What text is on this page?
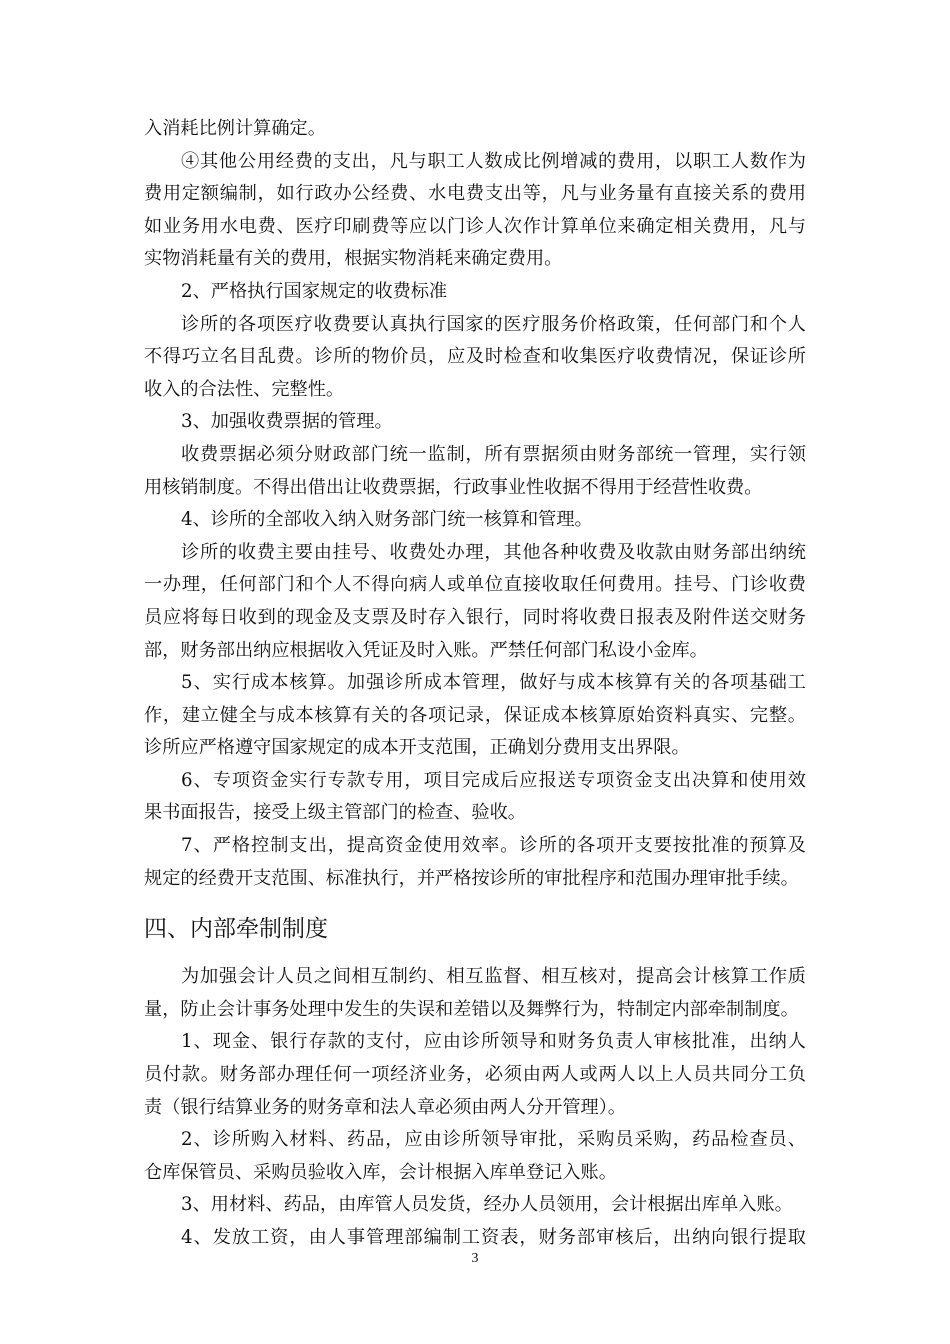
入消耗比例计算确定。
④其他公用经费的支出，凡与职工人数成比例增减的费用，以职工人数作为
费用定额编制，如行政办公经费、水电费支出等，凡与业务量有直接关系的费用
如业务用水电费、医疗印刷费等应以门诊人次作计算单位来确定相关费用，凡与
实物消耗量有关的费用，根据实物消耗来确定费用。
2、严格执行国家规定的收费标准
诊所的各项医疗收费要认真执行国家的医疗服务价格政策，任何部门和个人
不得巧立名目乱费。诊所的物价员，应及时检查和收集医疗收费情况，保证诊所
收入的合法性、完整性。
3、加强收费票据的管理。
收费票据必须分财政部门统一监制，所有票据须由财务部统一管理，实行领
用核销制度。不得出借出让收费票据，行政事业性收据不得用于经营性收费。
4、诊所的全部收入纳入财务部门统一核算和管理。
诊所的收费主要由挂号、收费处办理，其他各种收费及收款由财务部出纳统
一办理，任何部门和个人不得向病人或单位直接收取任何费用。挂号、门诊收费
员应将每日收到的现金及支票及时存入银行，同时将收费日报表及附件送交财务
部，财务部出纳应根据收入凭证及时入账。严禁任何部门私设小金库。
5、实行成本核算。加强诊所成本管理，做好与成本核算有关的各项基础工
作，建立健全与成本核算有关的各项记录，保证成本核算原始资料真实、完整。
诊所应严格遵守国家规定的成本开支范围，正确划分费用支出界限。
6、专项资金实行专款专用，项目完成后应报送专项资金支出决算和使用效
果书面报告，接受上级主管部门的检查、验收。
7、严格控制支出，提高资金使用效率。诊所的各项开支要按批准的预算及
规定的经费开支范围、标准执行，并严格按诊所的审批程序和范围办理审批手续。
四、内部牵制制度
为加强会计人员之间相互制约、相互监督、相互核对，提高会计核算工作质
量，防止会计事务处理中发生的失误和差错以及舞弊行为，特制定内部牵制制度。
1、现金、银行存款的支付，应由诊所领导和财务负责人审核批准，出纳人
员付款。财务部办理任何一项经济业务，必须由两人或两人以上人员共同分工负
责（银行结算业务的财务章和法人章必须由两人分开管理）。
2、诊所购入材料、药品，应由诊所领导审批，采购员采购，药品检查员、
仓库保管员、采购员验收入库，会计根据入库单登记入账。
3、用材料、药品，由库管人员发货，经办人员领用，会计根据出库单入账。
4、发放工资，由人事管理部编制工资表，财务部审核后，出纳向银行提取
3
